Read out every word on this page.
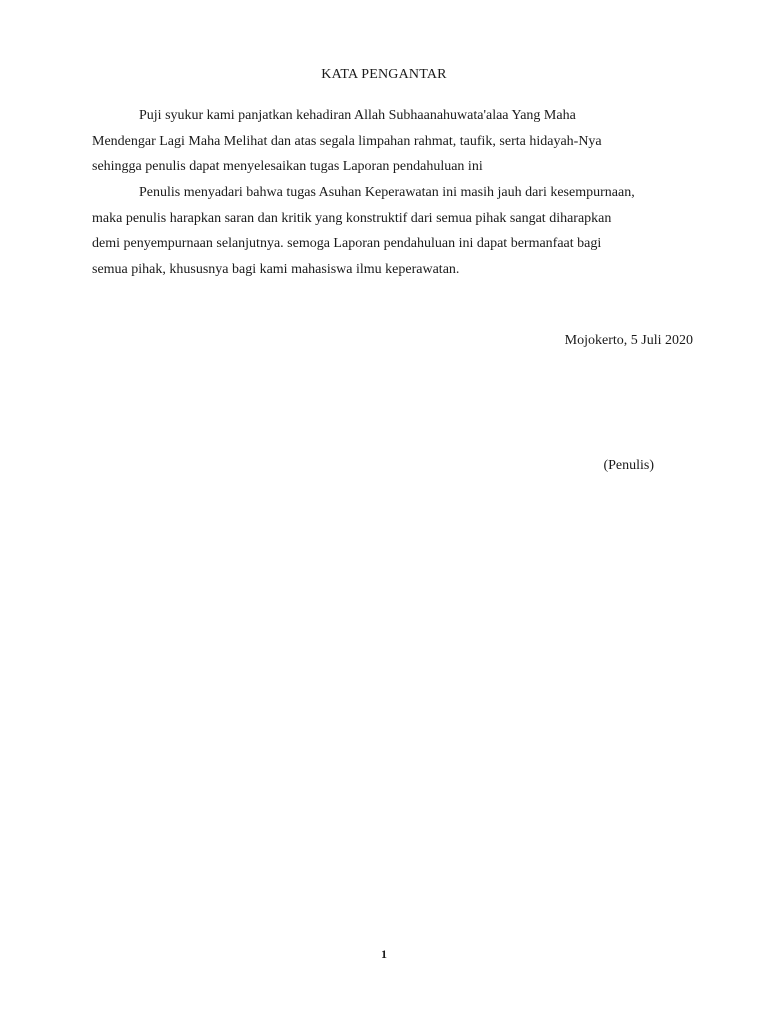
KATA PENGANTAR

Puji syukur kami panjatkan kehadiran Allah Subhaanahuwata'alaa Yang Maha
Mendengar Lagi Maha Melihat dan atas segala limpahan rahmat, taufik, serta hidayah-Nya
sehingga penulis dapat menyelesaikan tugas Laporan pendahuluan ini

Penulis menyadari bahwa tugas Asuhan Keperawatan ini masih jauh dari kesempurnaan,
maka penulis harapkan saran dan kritik yang konstruktif dari semua pihak sangat diharapkan
demi penyempurnaan selanjutnya. semoga Laporan pendahuluan ini dapat bermanfaat bagi
semua pihak, khususnya bagi kami mahasiswa ilmu keperawatan.

Mojokerto, 5 Juli 2020
(Penulis)
1
